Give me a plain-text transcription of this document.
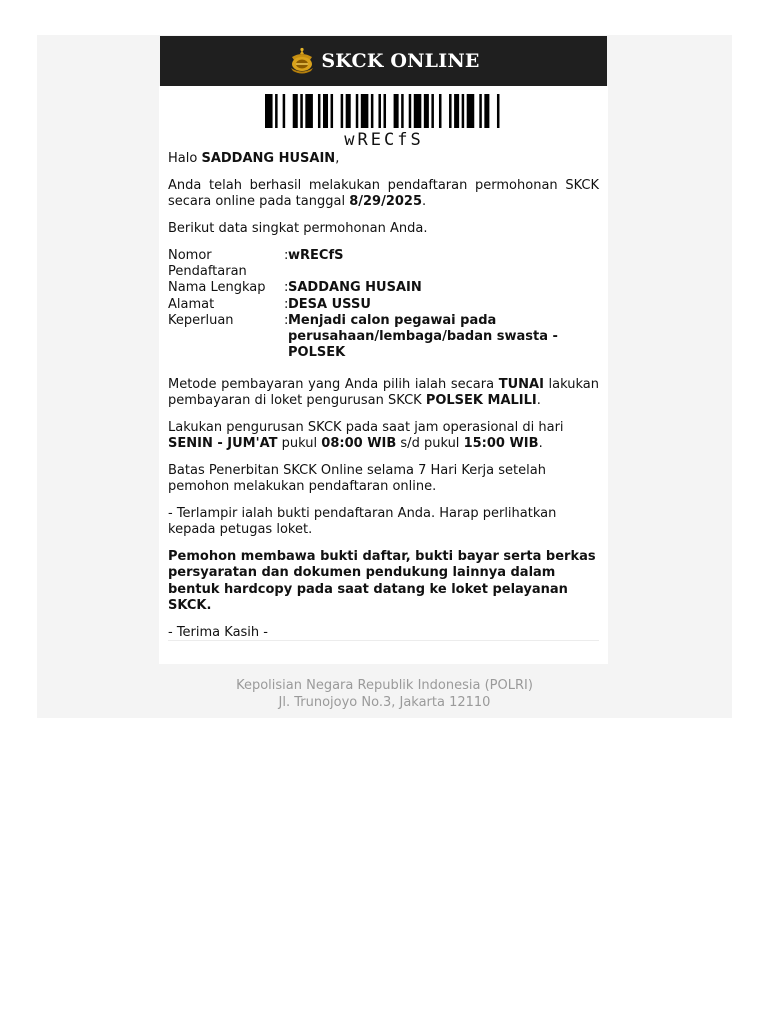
SKCK ONLINE
wRECfS

Halo SADDANG HUSAIN,

Anda telah berhasil melakukan pendaftaran permohonan SKCK secara online pada tanggal 8/29/2025.

Berikut data singkat permohonan Anda.

Nomor Pendaftaran
: wRECfS
Nama Lengkap	: SADDANG HUSAIN
Alamat	: DESA USSU
Keperluan	: Menjadi calon pegawai pada perusahaan/lembaga/badan swasta - POLSEK

Metode pembayaran yang Anda pilih ialah secara TUNAI lakukan pembayaran di loket pengurusan SKCK POLSEK MALILI.

Lakukan pengurusan SKCK pada saat jam operasional di hari SENIN - JUM'AT pukul 08:00 WIB s/d pukul 15:00 WIB.

Batas Penerbitan SKCK Online selama 7 Hari Kerja setelah pemohon melakukan pendaftaran online.

- Terlampir ialah bukti pendaftaran Anda. Harap perlihatkan kepada petugas loket.

Pemohon membawa bukti daftar, bukti bayar serta berkas persyaratan dan dokumen pendukung lainnya dalam bentuk hardcopy pada saat datang ke loket pelayanan SKCK.

- Terima Kasih -

Kepolisian Negara Republik Indonesia (POLRI)
Jl. Trunojoyo No.3, Jakarta 12110
